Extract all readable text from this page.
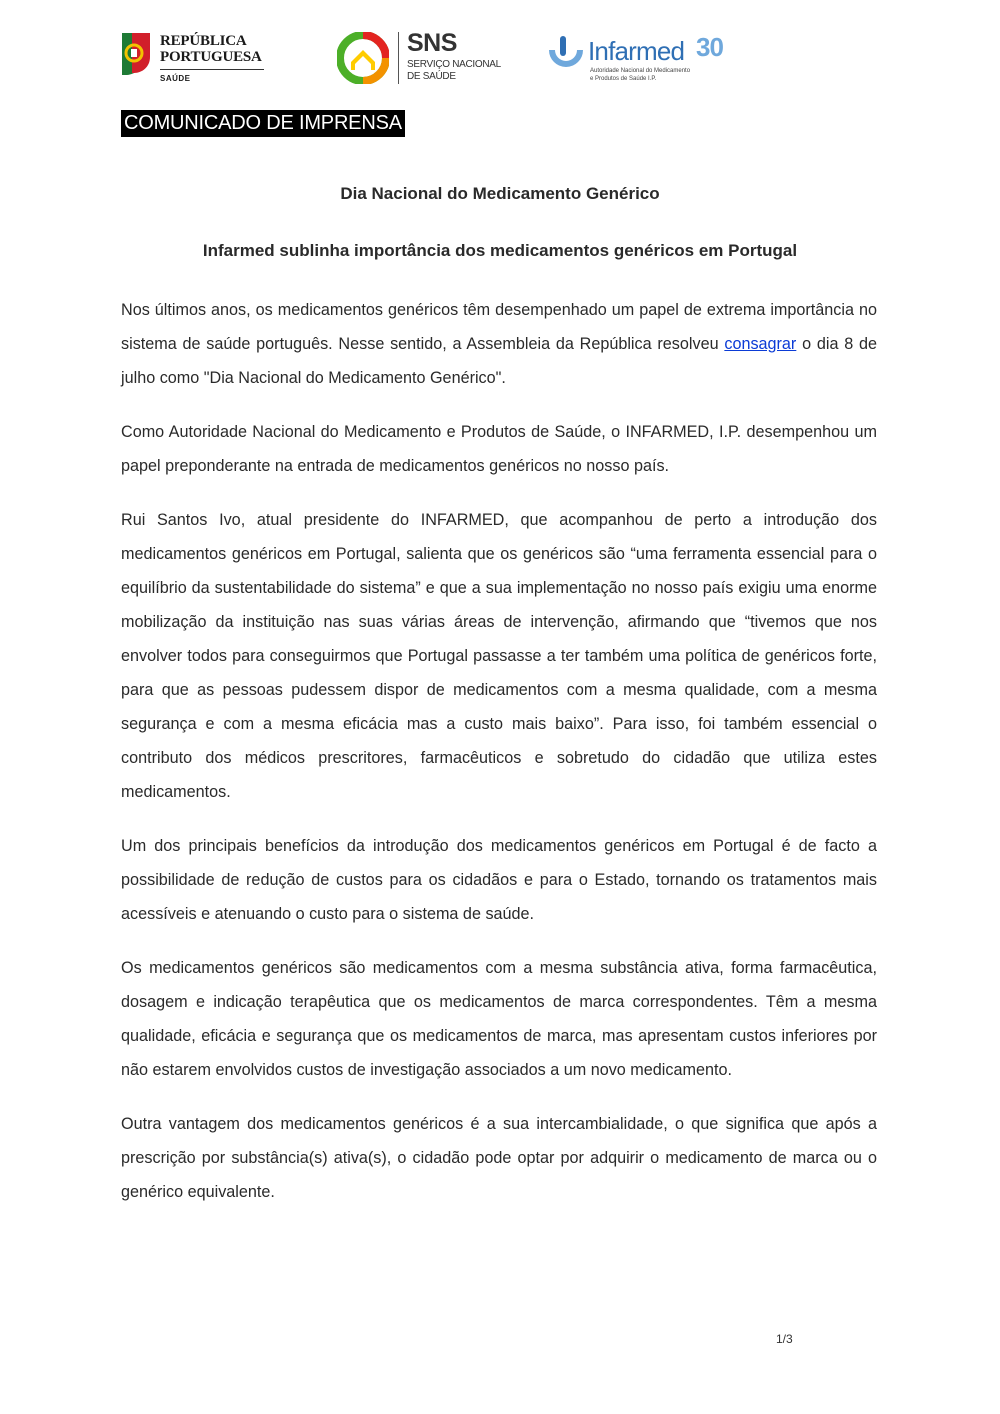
REPÚBLICA
PORTUGUESA
SAÚDE
SNS
SERVIÇO NACIONAL
DE SAÚDE
Infarmed 30
Autoridade Nacional do Medicamento
e Produtos de Saúde I.P.
COMUNICADO DE IMPRENSA
Dia Nacional do Medicamento Genérico
Infarmed sublinha importância dos medicamentos genéricos em Portugal

Nos últimos anos, os medicamentos genéricos têm desempenhado um papel de extrema importância no sistema de saúde português. Nesse sentido, a Assembleia da República resolveu consagrar o dia 8 de julho como "Dia Nacional do Medicamento Genérico".

Como Autoridade Nacional do Medicamento e Produtos de Saúde, o INFARMED, I.P. desempenhou um papel preponderante na entrada de medicamentos genéricos no nosso país.

Rui Santos Ivo, atual presidente do INFARMED, que acompanhou de perto a introdução dos medicamentos genéricos em Portugal, salienta que os genéricos são “uma ferramenta essencial para o equilíbrio da sustentabilidade do sistema” e que a sua implementação no nosso país exigiu uma enorme mobilização da instituição nas suas várias áreas de intervenção, afirmando que “tivemos que nos envolver todos para conseguirmos que Portugal passasse a ter também uma política de genéricos forte, para que as pessoas pudessem dispor de medicamentos com a mesma qualidade, com a mesma segurança e com a mesma eficácia mas a custo mais baixo”. Para isso, foi também essencial o contributo dos médicos prescritores, farmacêuticos e sobretudo do cidadão que utiliza estes medicamentos.

Um dos principais benefícios da introdução dos medicamentos genéricos em Portugal é de facto a possibilidade de redução de custos para os cidadãos e para o Estado, tornando os tratamentos mais acessíveis e atenuando o custo para o sistema de saúde.

Os medicamentos genéricos são medicamentos com a mesma substância ativa, forma farmacêutica, dosagem e indicação terapêutica que os medicamentos de marca correspondentes. Têm a mesma qualidade, eficácia e segurança que os medicamentos de marca, mas apresentam custos inferiores por não estarem envolvidos custos de investigação associados a um novo medicamento.

Outra vantagem dos medicamentos genéricos é a sua intercambialidade, o que significa que após a prescrição por substância(s) ativa(s), o cidadão pode optar por adquirir o medicamento de marca ou o genérico equivalente.

1/3
